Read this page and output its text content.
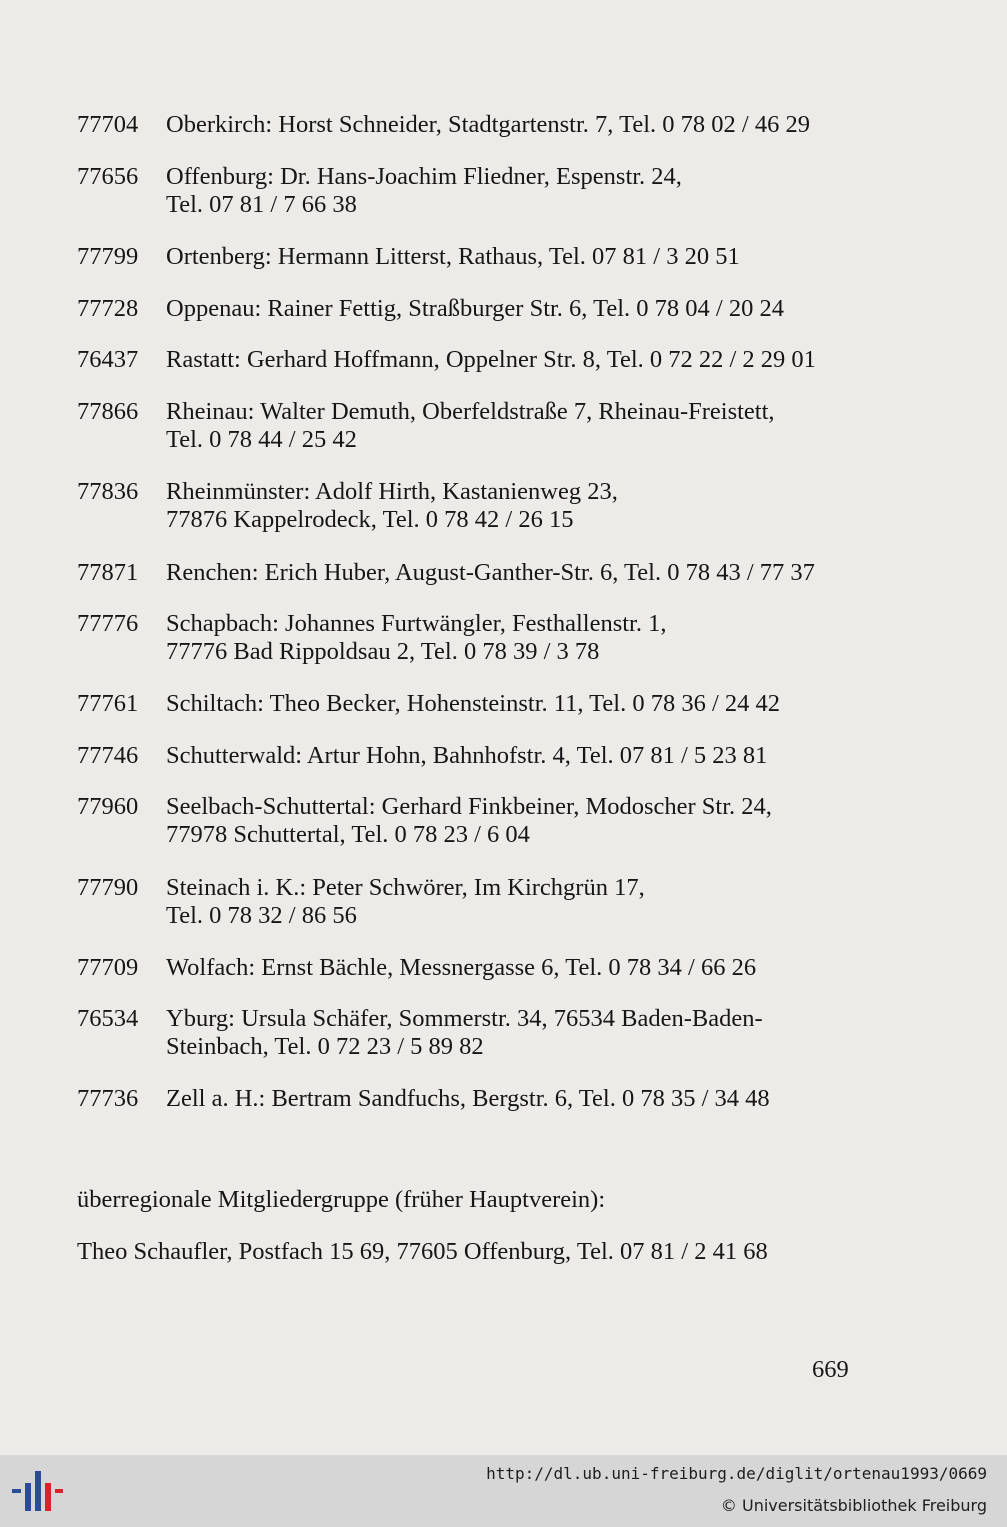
77704 Oberkirch: Horst Schneider, Stadtgartenstr. 7, Tel. 0 78 02 / 46 29
77656 Offenburg: Dr. Hans-Joachim Fliedner, Espenstr. 24,
Tel. 07 81 / 7 66 38
77799 Ortenberg: Hermann Litterst, Rathaus, Tel. 07 81 / 3 20 51
77728 Oppenau: Rainer Fettig, Straßburger Str. 6, Tel. 0 78 04 / 20 24
76437 Rastatt: Gerhard Hoffmann, Oppelner Str. 8, Tel. 0 72 22 / 2 29 01
77866 Rheinau: Walter Demuth, Oberfeldstraße 7, Rheinau-Freistett,
Tel. 0 78 44 / 25 42
77836 Rheinmünster: Adolf Hirth, Kastanienweg 23,
77876 Kappelrodeck, Tel. 0 78 42 / 26 15
77871 Renchen: Erich Huber, August-Ganther-Str. 6, Tel. 0 78 43 / 77 37
77776 Schapbach: Johannes Furtwängler, Festhallenstr. 1,
77776 Bad Rippoldsau 2, Tel. 0 78 39 / 3 78
77761 Schiltach: Theo Becker, Hohensteinstr. 11, Tel. 0 78 36 / 24 42
77746 Schutterwald: Artur Hohn, Bahnhofstr. 4, Tel. 07 81 / 5 23 81
77960 Seelbach-Schuttertal: Gerhard Finkbeiner, Modoscher Str. 24,
77978 Schuttertal, Tel. 0 78 23 / 6 04
77790 Steinach i. K.: Peter Schwörer, Im Kirchgrün 17,
Tel. 0 78 32 / 86 56
77709 Wolfach: Ernst Bächle, Messnergasse 6, Tel. 0 78 34 / 66 26
76534 Yburg: Ursula Schäfer, Sommerstr. 34, 76534 Baden-Baden-
Steinbach, Tel. 0 72 23 / 5 89 82
77736 Zell a. H.: Bertram Sandfuchs, Bergstr. 6, Tel. 0 78 35 / 34 48
überregionale Mitgliedergruppe (früher Hauptverein):
Theo Schaufler, Postfach 15 69, 77605 Offenburg, Tel. 07 81 / 2 41 68
669
http://dl.ub.uni-freiburg.de/diglit/ortenau1993/0669
© Universitätsbibliothek Freiburg
